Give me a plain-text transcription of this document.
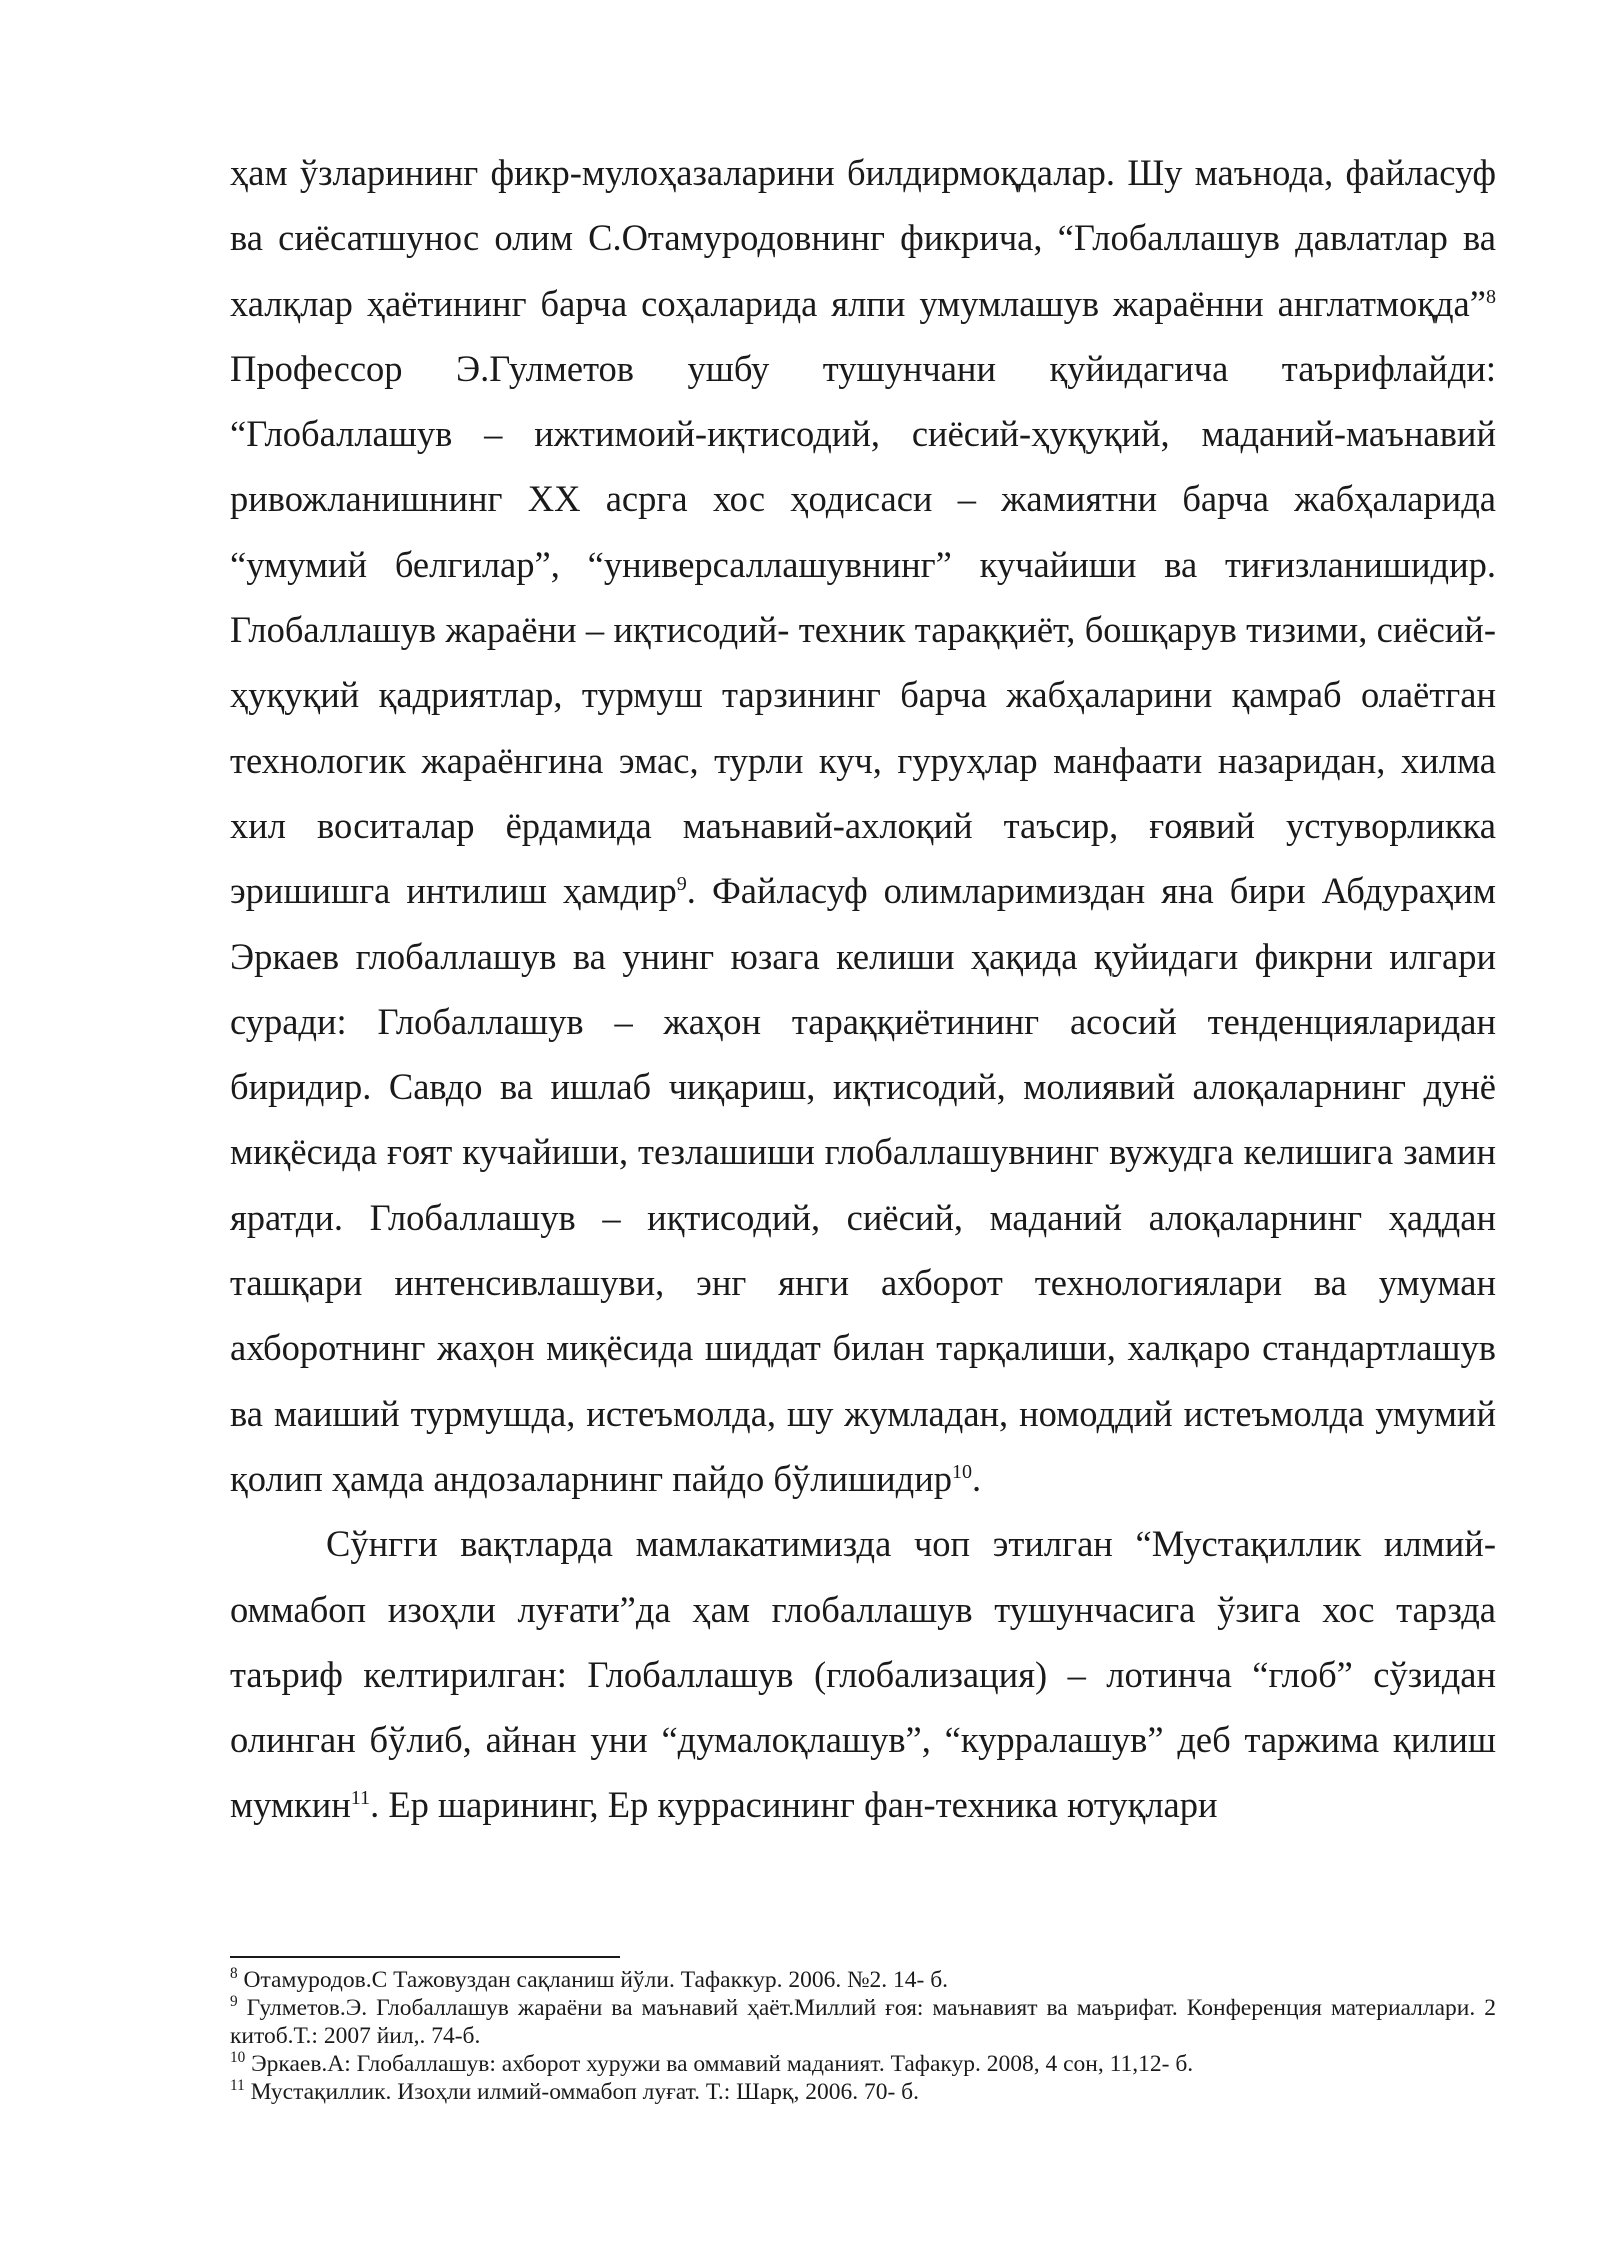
ҳам ўзларининг фикр-мулоҳазаларини билдирмоқдалар. Шу маънода, файласуф ва сиёсатшунос олим С.Отамуродовнинг фикрича, “Глобаллашув давлатлар ва халқлар ҳаётининг барча соҳаларида ялпи умумлашув жараённи англатмоқда”$^8$ Профессор Э.Гулметов ушбу тушунчани қуйидагича таърифлайди: “Глобаллашув – ижтимоий-иқтисодий, сиёсий-ҳуқуқий, маданий-маънавий ривожланишнинг XX асрга хос ҳодисаси – жамиятни барча жабҳаларида “умумий белгилар”, “универсаллашувнинг” кучайиши ва тиғизланишидир. Глобаллашув жараёни – иқтисодий- техник тараққиёт, бошқарув тизими, сиёсий-ҳуқуқий қадриятлар, турмуш тарзининг барча жабҳаларини қамраб олаётган технологик жараёнгина эмас, турли куч, гуруҳлар манфаати назаридан, хилма хил воситалар ёрдамида маънавий-ахлоқий таъсир, ғоявий устуворликка эришишга интилиш ҳамдир$^9$. Файласуф олимларимиздан яна бири Абдураҳим Эркаев глобаллашув ва унинг юзага келиши ҳақида қуйидаги фикрни илгари суради: Глобаллашув – жаҳон тараққиётининг асосий тенденцияларидан биридир. Савдо ва ишлаб чиқариш, иқтисодий, молиявий алоқаларнинг дунё миқёсида ғоят кучайиши, тезлашиши глобаллашувнинг вужудга келишига замин яратди. Глобаллашув – иқтисодий, сиёсий, маданий алоқаларнинг ҳаддан ташқари интенсивлашуви, энг янги ахборот технологиялари ва умуман ахборотнинг жаҳон миқёсида шиддат билан тарқалиши, халқаро стандартлашув ва маиший турмушда, истеъмолда, шу жумладан, номоддий истеъмолда умумий қолип ҳамда андозаларнинг пайдо бўлишидир$^{10}$.

Сўнгги вақтларда мамлакатимизда чоп этилган “Мустақиллик илмий-оммабоп изоҳли луғати”да ҳам глобаллашув тушунчасига ўзига хос тарзда таъриф келтирилган: Глобаллашув (глобализация) – лотинча “глоб” сўзидан олинган бўлиб, айнан уни “думалоқлашув”, “курралашув” деб таржима қилиш мумкин$^{11}$. Ер шарининг, Ер куррасининг фан-техника ютуқлари

$^8$ Отамуродов.С Тажовуздан сақланиш йўли. Тафаккур. 2006. №2. 14- б.

$^9$ Гулметов.Э. Глобаллашув жараёни ва маънавий ҳаёт.Миллий ғоя: маънавият ва маърифат. Конференция материаллари. 2 китоб.Т.: 2007 йил,. 74-б.

$^{10}$ Эркаев.А: Глобаллашув: ахборот хуружи ва оммавий маданият. Тафакур. 2008, 4 сон, 11,12- б.

$^{11}$ Мустақиллик. Изоҳли илмий-оммабоп луғат. Т.: Шарқ, 2006. 70- б.
